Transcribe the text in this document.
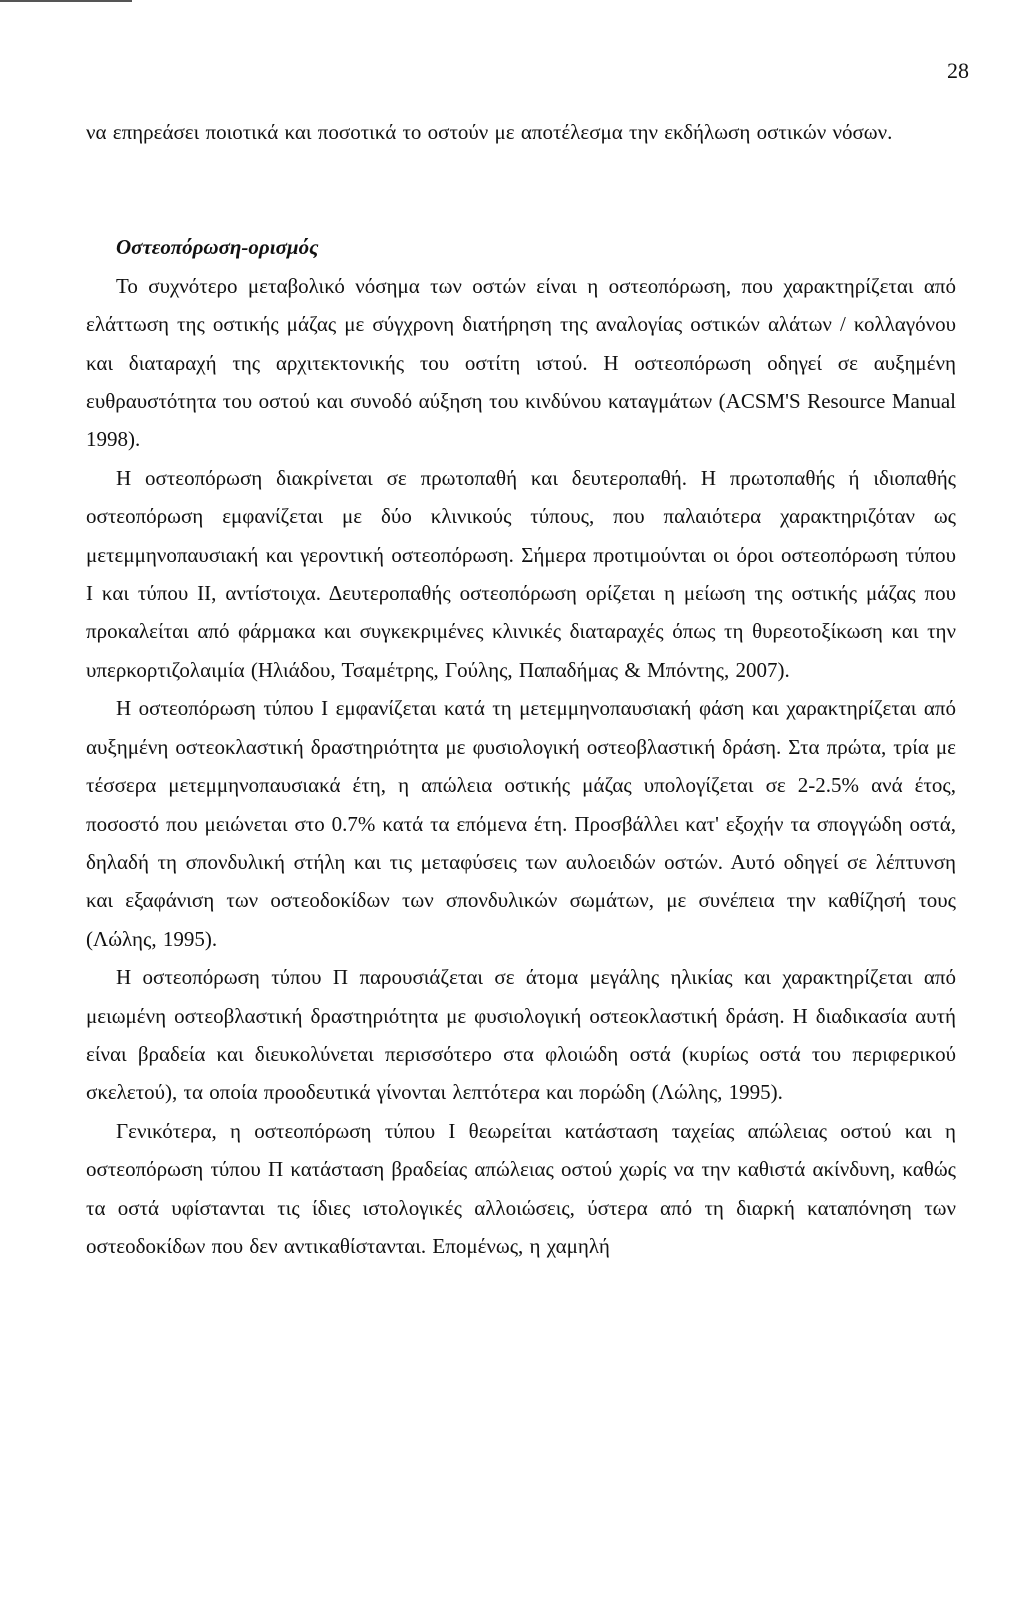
28

να επηρεάσει ποιοτικά και ποσοτικά το οστούν με αποτέλεσμα την εκδήλωση οστικών νόσων.

Οστεοπόρωση-ορισμός

Το συχνότερο μεταβολικό νόσημα των οστών είναι η οστεοπόρωση, που χαρακτηρίζεται από ελάττωση της οστικής μάζας με σύγχρονη διατήρηση της αναλογίας οστικών αλάτων / κολλαγόνου και διαταραχή της αρχιτεκτονικής του οστίτη ιστού. Η οστεοπόρωση οδηγεί σε αυξημένη ευθραυστότητα του οστού και συνοδό αύξηση του κινδύνου καταγμάτων (ACSM'S Resource Manual 1998).

Η οστεοπόρωση διακρίνεται σε πρωτοπαθή και δευτεροπαθή. Η πρωτοπαθής ή ιδιοπαθής οστεοπόρωση εμφανίζεται με δύο κλινικούς τύπους, που παλαιότερα χαρακτηριζόταν ως μετεμμηνοπαυσιακή και γεροντική οστεοπόρωση. Σήμερα προτιμούνται οι όροι οστεοπόρωση τύπου I και τύπου II, αντίστοιχα. Δευτεροπαθής οστεοπόρωση ορίζεται η μείωση της οστικής μάζας που προκαλείται από φάρμακα και συγκεκριμένες κλινικές διαταραχές όπως τη θυρεοτοξίκωση και την υπερκορτιζολαιμία (Ηλιάδου, Τσαμέτρης, Γούλης, Παπαδήμας & Μπόντης, 2007).

Η οστεοπόρωση τύπου I εμφανίζεται κατά τη μετεμμηνοπαυσιακή φάση και χαρακτηρίζεται από αυξημένη οστεοκλαστική δραστηριότητα με φυσιολογική οστεοβλαστική δράση. Στα πρώτα, τρία με τέσσερα μετεμμηνοπαυσιακά έτη, η απώλεια οστικής μάζας υπολογίζεται σε 2-2.5% ανά έτος, ποσοστό που μειώνεται στο 0.7% κατά τα επόμενα έτη. Προσβάλλει κατ' εξοχήν τα σπογγώδη οστά, δηλαδή τη σπονδυλική στήλη και τις μεταφύσεις των αυλοειδών οστών. Αυτό οδηγεί σε λέπτυνση και εξαφάνιση των οστεοδοκίδων των σπονδυλικών σωμάτων, με συνέπεια την καθίζησή τους (Λώλης, 1995).

Η οστεοπόρωση τύπου Π παρουσιάζεται σε άτομα μεγάλης ηλικίας και χαρακτηρίζεται από μειωμένη οστεοβλαστική δραστηριότητα με φυσιολογική οστεοκλαστική δράση. Η διαδικασία αυτή είναι βραδεία και διευκολύνεται περισσότερο στα φλοιώδη οστά (κυρίως οστά του περιφερικού σκελετού), τα οποία προοδευτικά γίνονται λεπτότερα και πορώδη (Λώλης, 1995).

Γενικότερα, η οστεοπόρωση τύπου I θεωρείται κατάσταση ταχείας απώλειας οστού και η οστεοπόρωση τύπου Π κατάσταση βραδείας απώλειας οστού χωρίς να την καθιστά ακίνδυνη, καθώς τα οστά υφίστανται τις ίδιες ιστολογικές αλλοιώσεις, ύστερα από τη διαρκή καταπόνηση των οστεοδοκίδων που δεν αντικαθίστανται. Επομένως, η χαμηλή
